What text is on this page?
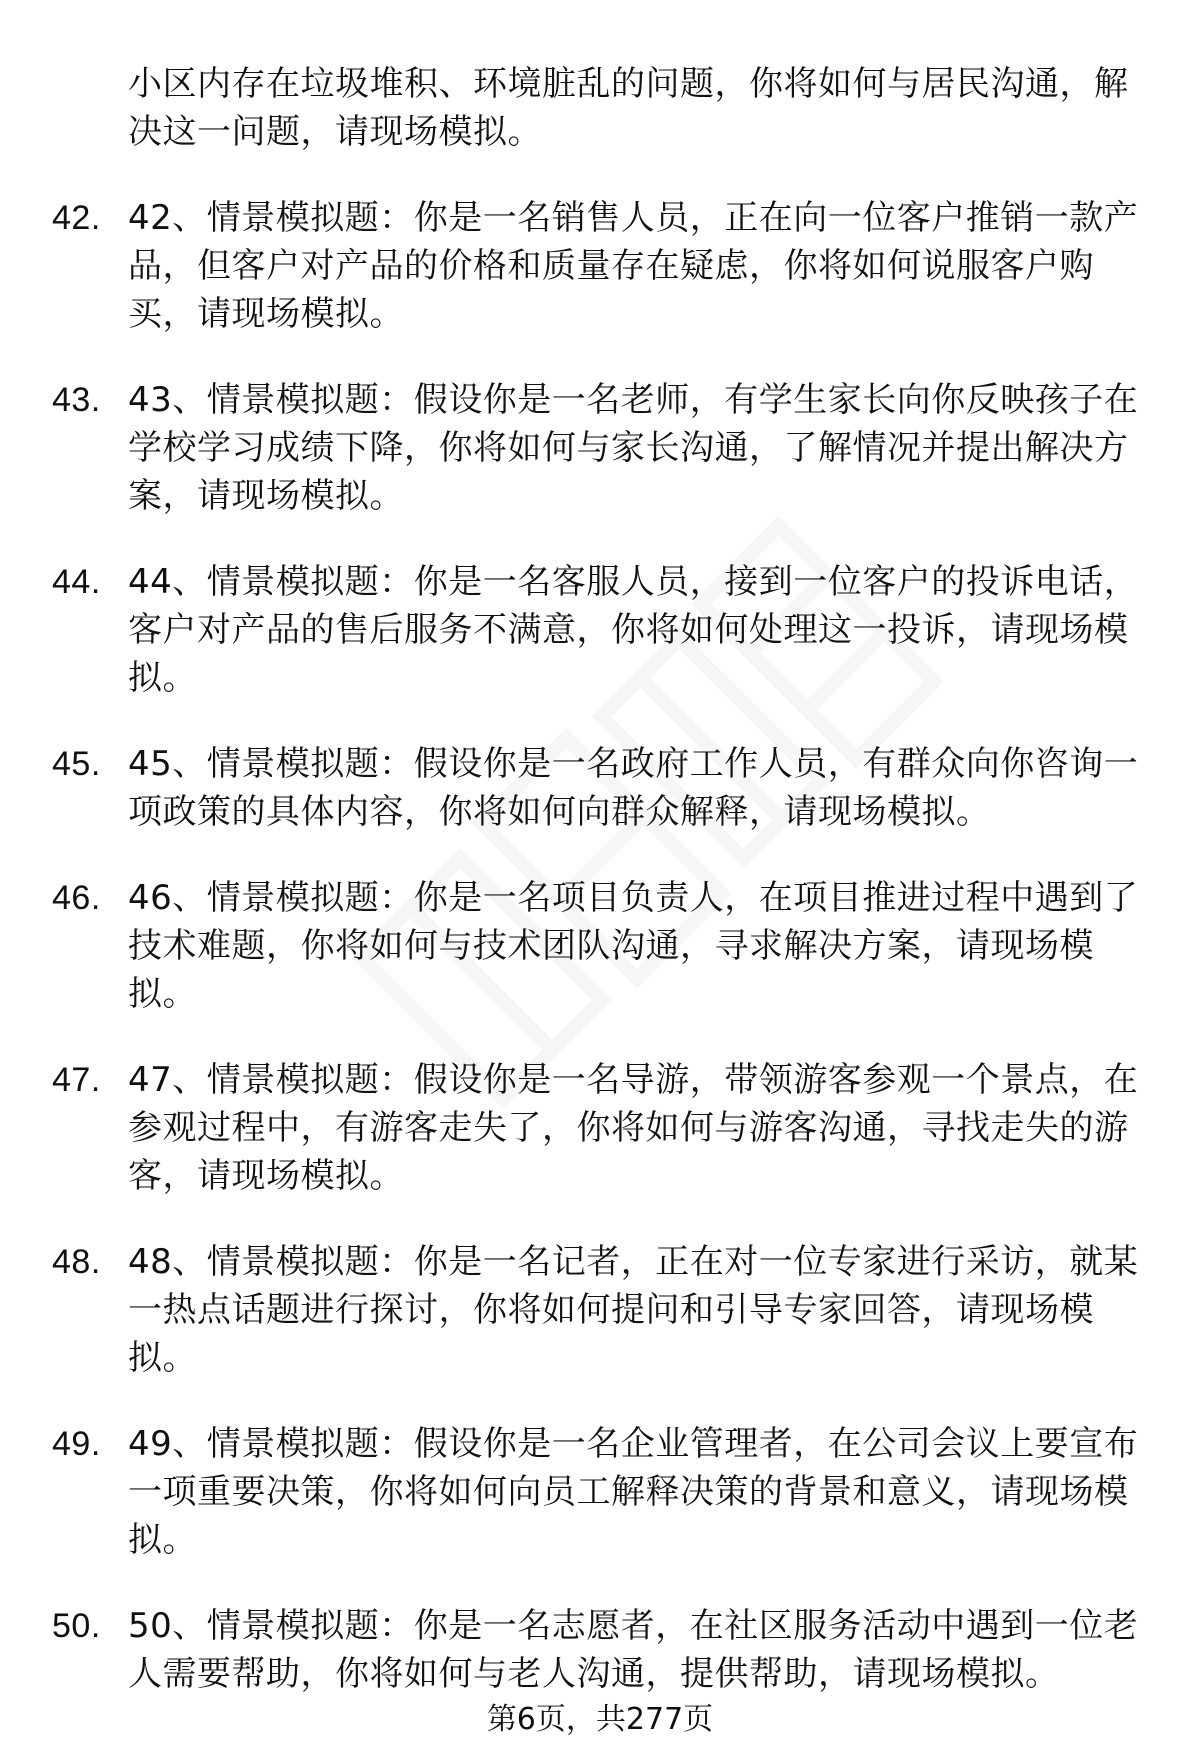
小区内存在垃圾堆积、环境脏乱的问题，你将如何与居民沟通，解决这一问题，请现场模拟。
42. 42、情景模拟题：你是一名销售人员，正在向一位客户推销一款产品，但客户对产品的价格和质量存在疑虑，你将如何说服客户购买，请现场模拟。
43. 43、情景模拟题：假设你是一名老师，有学生家长向你反映孩子在学校学习成绩下降，你将如何与家长沟通，了解情况并提出解决方案，请现场模拟。
44. 44、情景模拟题：你是一名客服人员，接到一位客户的投诉电话，客户对产品的售后服务不满意，你将如何处理这一投诉，请现场模拟。
45. 45、情景模拟题：假设你是一名政府工作人员，有群众向你咨询一项政策的具体内容，你将如何向群众解释，请现场模拟。
46. 46、情景模拟题：你是一名项目负责人，在项目推进过程中遇到了技术难题，你将如何与技术团队沟通，寻求解决方案，请现场模拟。
47. 47、情景模拟题：假设你是一名导游，带领游客参观一个景点，在参观过程中，有游客走失了，你将如何与游客沟通，寻找走失的游客，请现场模拟。
48. 48、情景模拟题：你是一名记者，正在对一位专家进行采访，就某一热点话题进行探讨，你将如何提问和引导专家回答，请现场模拟。
49. 49、情景模拟题：假设你是一名企业管理者，在公司会议上要宣布一项重要决策，你将如何向员工解释决策的背景和意义，请现场模拟。
50. 50、情景模拟题：你是一名志愿者，在社区服务活动中遇到一位老人需要帮助，你将如何与老人沟通，提供帮助，请现场模拟。
第6页，共277页
